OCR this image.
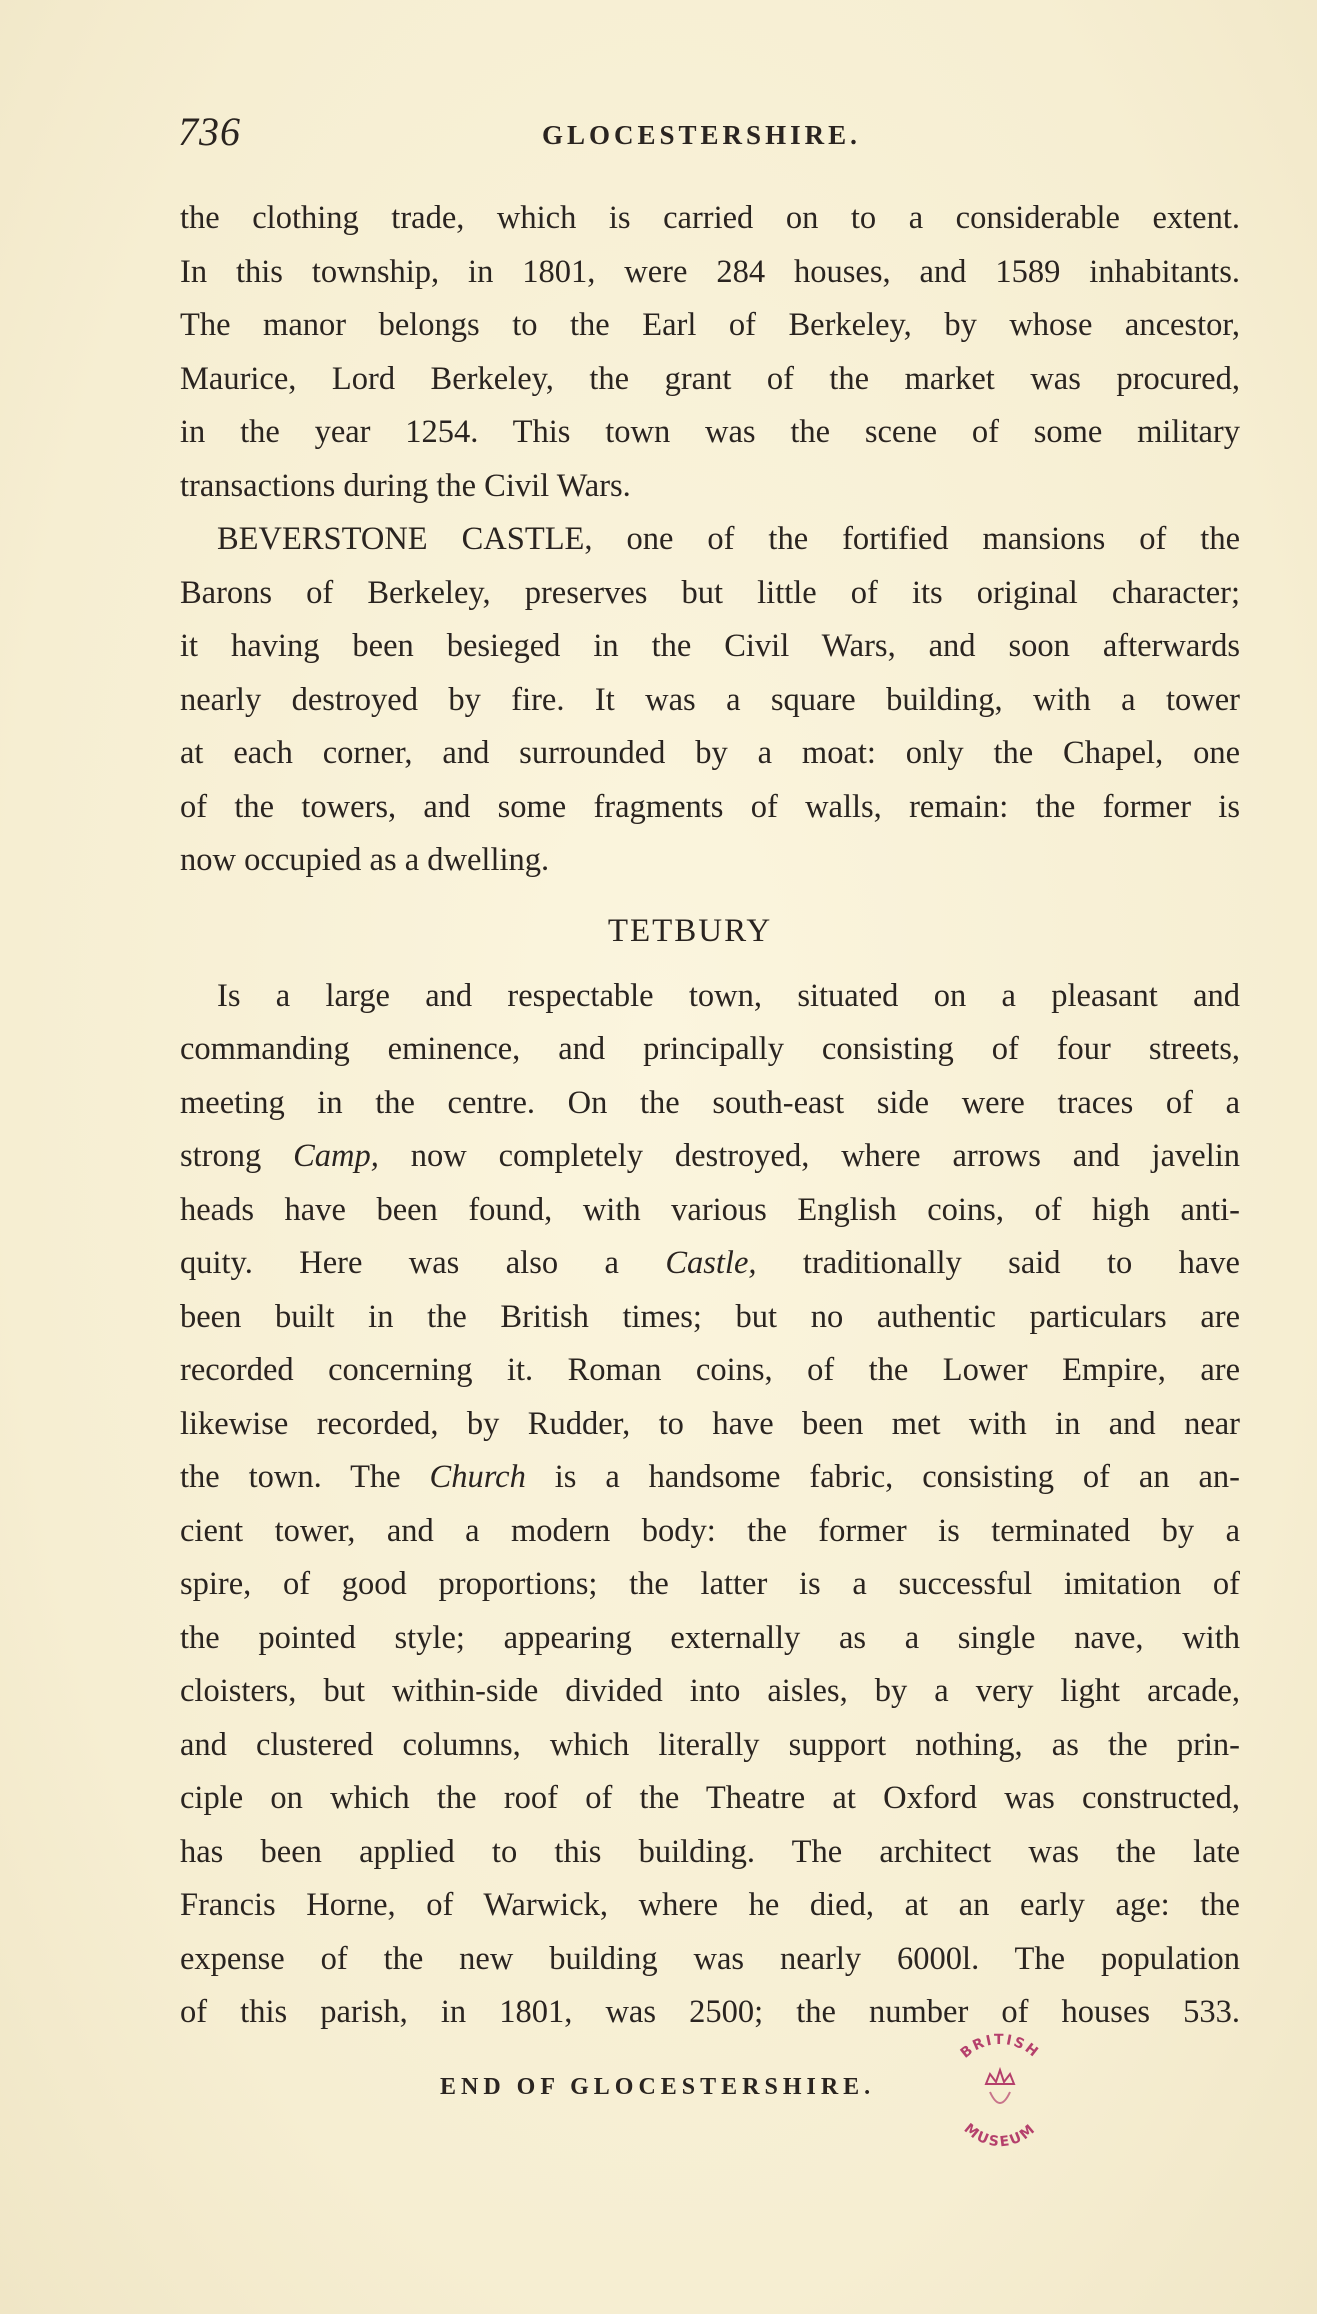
736	GLOCESTERSHIRE.
the clothing trade, which is carried on to a considerable extent.
In this township, in 1801, were 284 houses, and 1589 inhabitants.
The manor belongs to the Earl of Berkeley, by whose ancestor,
Maurice, Lord Berkeley, the grant of the market was procured,
in the year 1254. This town was the scene of some military
transactions during the Civil Wars.
BEVERSTONE CASTLE, one of the fortified mansions of the
Barons of Berkeley, preserves but little of its original character;
it having been besieged in the Civil Wars, and soon afterwards
nearly destroyed by fire. It was a square building, with a tower
at each corner, and surrounded by a moat: only the Chapel, one
of the towers, and some fragments of walls, remain: the former is
now occupied as a dwelling.
TETBURY
Is a large and respectable town, situated on a pleasant and
commanding eminence, and principally consisting of four streets,
meeting in the centre. On the south-east side were traces of a
strong Camp, now completely destroyed, where arrows and javelin
heads have been found, with various English coins, of high anti-
quity. Here was also a Castle, traditionally said to have
been built in the British times; but no authentic particulars are
recorded concerning it. Roman coins, of the Lower Empire, are
likewise recorded, by Rudder, to have been met with in and near
the town. The Church is a handsome fabric, consisting of an an-
cient tower, and a modern body: the former is terminated by a
spire, of good proportions; the latter is a successful imitation of
the pointed style; appearing externally as a single nave, with
cloisters, but within-side divided into aisles, by a very light arcade,
and clustered columns, which literally support nothing, as the prin-
ciple on which the roof of the Theatre at Oxford was constructed,
has been applied to this building. The architect was the late
Francis Horne, of Warwick, where he died, at an early age: the
expense of the new building was nearly 6000l. The population
of this parish, in 1801, was 2500; the number of houses 533.
END OF GLOCESTERSHIRE.
BRITISH
MUSEUM
